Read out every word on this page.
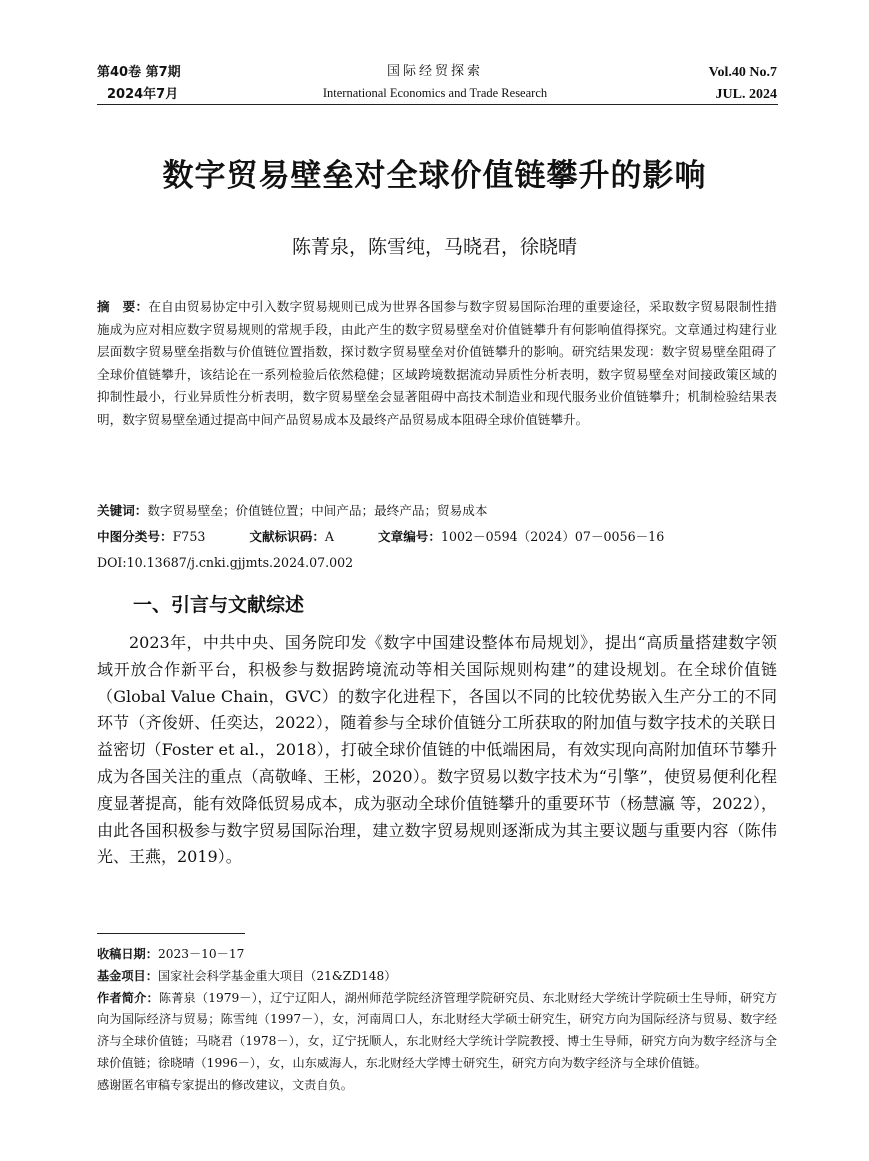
第40卷 第7期
2024年7月
国际经贸探索
International Economics and Trade Research
Vol.40 No.7
JUL. 2024
数字贸易壁垒对全球价值链攀升的影响
陈菁泉，陈雪纯，马晓君，徐晓晴
摘　要：在自由贸易协定中引入数字贸易规则已成为世界各国参与数字贸易国际治理的重要途径，采取数字贸易限制性措施成为应对相应数字贸易规则的常规手段，由此产生的数字贸易壁垒对价值链攀升有何影响值得探究。文章通过构建行业层面数字贸易壁垒指数与价值链位置指数，探讨数字贸易壁垒对价值链攀升的影响。研究结果发现：数字贸易壁垒阻碍了全球价值链攀升，该结论在一系列检验后依然稳健；区域跨境数据流动异质性分析表明，数字贸易壁垒对间接政策区域的抑制性最小，行业异质性分析表明，数字贸易壁垒会显著阻碍中高技术制造业和现代服务业价值链攀升；机制检验结果表明，数字贸易壁垒通过提高中间产品贸易成本及最终产品贸易成本阻碍全球价值链攀升。
关键词：数字贸易壁垒；价值链位置；中间产品；最终产品；贸易成本
中图分类号：F753	文献标识码：A	文章编号：1002－0594（2024）07－0056－16
DOI:10.13687/j.cnki.gjjmts.2024.07.002
一、引言与文献综述
2023年，中共中央、国务院印发《数字中国建设整体布局规划》，提出“高质量搭建数字领域开放合作新平台，积极参与数据跨境流动等相关国际规则构建”的建设规划。在全球价值链（Global Value Chain，GVC）的数字化进程下，各国以不同的比较优势嵌入生产分工的不同环节（齐俊妍、任奕达，2022），随着参与全球价值链分工所获取的附加值与数字技术的关联日益密切（Foster et al.，2018），打破全球价值链的中低端困局，有效实现向高附加值环节攀升成为各国关注的重点（高敬峰、王彬，2020）。数字贸易以数字技术为“引擎”，使贸易便利化程度显著提高，能有效降低贸易成本，成为驱动全球价值链攀升的重要环节（杨慧瀛 等，2022），由此各国积极参与数字贸易国际治理，建立数字贸易规则逐渐成为其主要议题与重要内容（陈伟光、王燕，2019）。

收稿日期：2023－10－17

基金项目：国家社会科学基金重大项目（21&ZD148）

作者简介：陈菁泉（1979－），辽宁辽阳人，湖州师范学院经济管理学院研究员、东北财经大学统计学院硕士生导师，研究方向为国际经济与贸易；陈雪纯（1997－），女，河南周口人，东北财经大学硕士研究生，研究方向为国际经济与贸易、数字经济与全球价值链；马晓君（1978－），女，辽宁抚顺人，东北财经大学统计学院教授、博士生导师，研究方向为数字经济与全球价值链；徐晓晴（1996－），女，山东威海人，东北财经大学博士研究生，研究方向为数字经济与全球价值链。

感谢匿名审稿专家提出的修改建议，文责自负。
